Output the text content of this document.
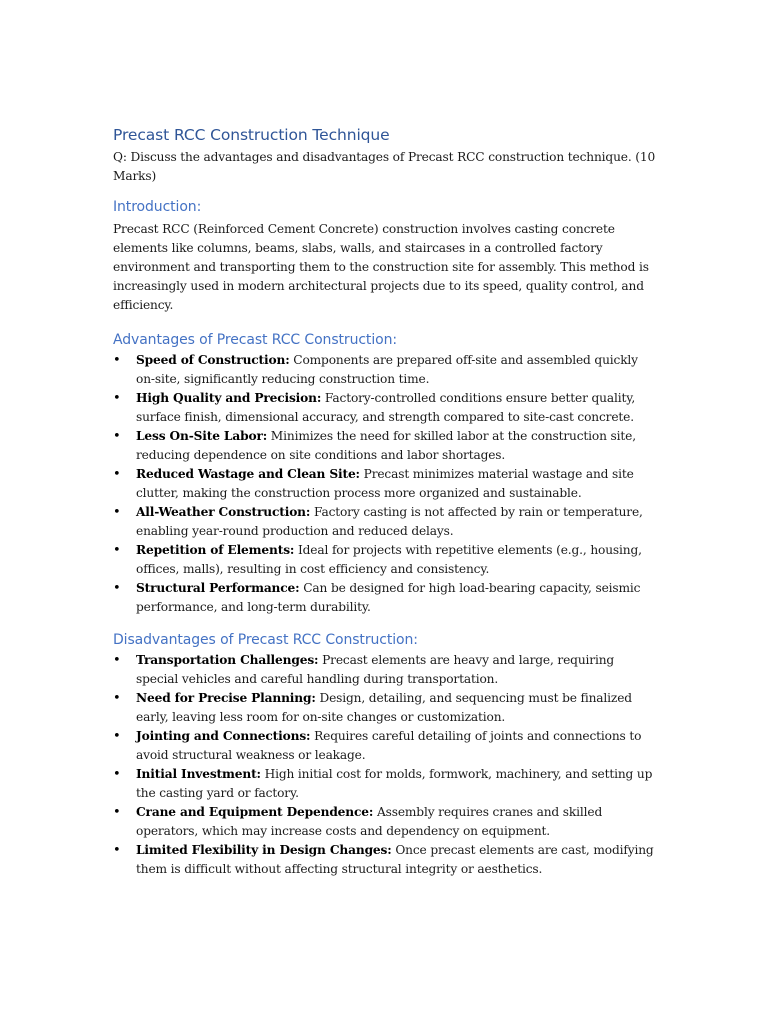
Precast RCC Construction Technique

Q: Discuss the advantages and disadvantages of Precast RCC construction technique. (10 Marks)

Introduction:

Precast RCC (Reinforced Cement Concrete) construction involves casting concrete elements like columns, beams, slabs, walls, and staircases in a controlled factory environment and transporting them to the construction site for assembly. This method is increasingly used in modern architectural projects due to its speed, quality control, and efficiency.

Advantages of Precast RCC Construction:
• Speed of Construction: Components are prepared off-site and assembled quickly on-site, significantly reducing construction time.
• High Quality and Precision: Factory-controlled conditions ensure better quality, surface finish, dimensional accuracy, and strength compared to site-cast concrete.
• Less On-Site Labor: Minimizes the need for skilled labor at the construction site, reducing dependence on site conditions and labor shortages.
• Reduced Wastage and Clean Site: Precast minimizes material wastage and site clutter, making the construction process more organized and sustainable.
• All-Weather Construction: Factory casting is not affected by rain or temperature, enabling year-round production and reduced delays.
• Repetition of Elements: Ideal for projects with repetitive elements (e.g., housing, offices, malls), resulting in cost efficiency and consistency.
• Structural Performance: Can be designed for high load-bearing capacity, seismic performance, and long-term durability.
Disadvantages of Precast RCC Construction:
• Transportation Challenges: Precast elements are heavy and large, requiring special vehicles and careful handling during transportation.
• Need for Precise Planning: Design, detailing, and sequencing must be finalized early, leaving less room for on-site changes or customization.
• Jointing and Connections: Requires careful detailing of joints and connections to avoid structural weakness or leakage.
• Initial Investment: High initial cost for molds, formwork, machinery, and setting up the casting yard or factory.
• Crane and Equipment Dependence: Assembly requires cranes and skilled operators, which may increase costs and dependency on equipment.
• Limited Flexibility in Design Changes: Once precast elements are cast, modifying them is difficult without affecting structural integrity or aesthetics.
